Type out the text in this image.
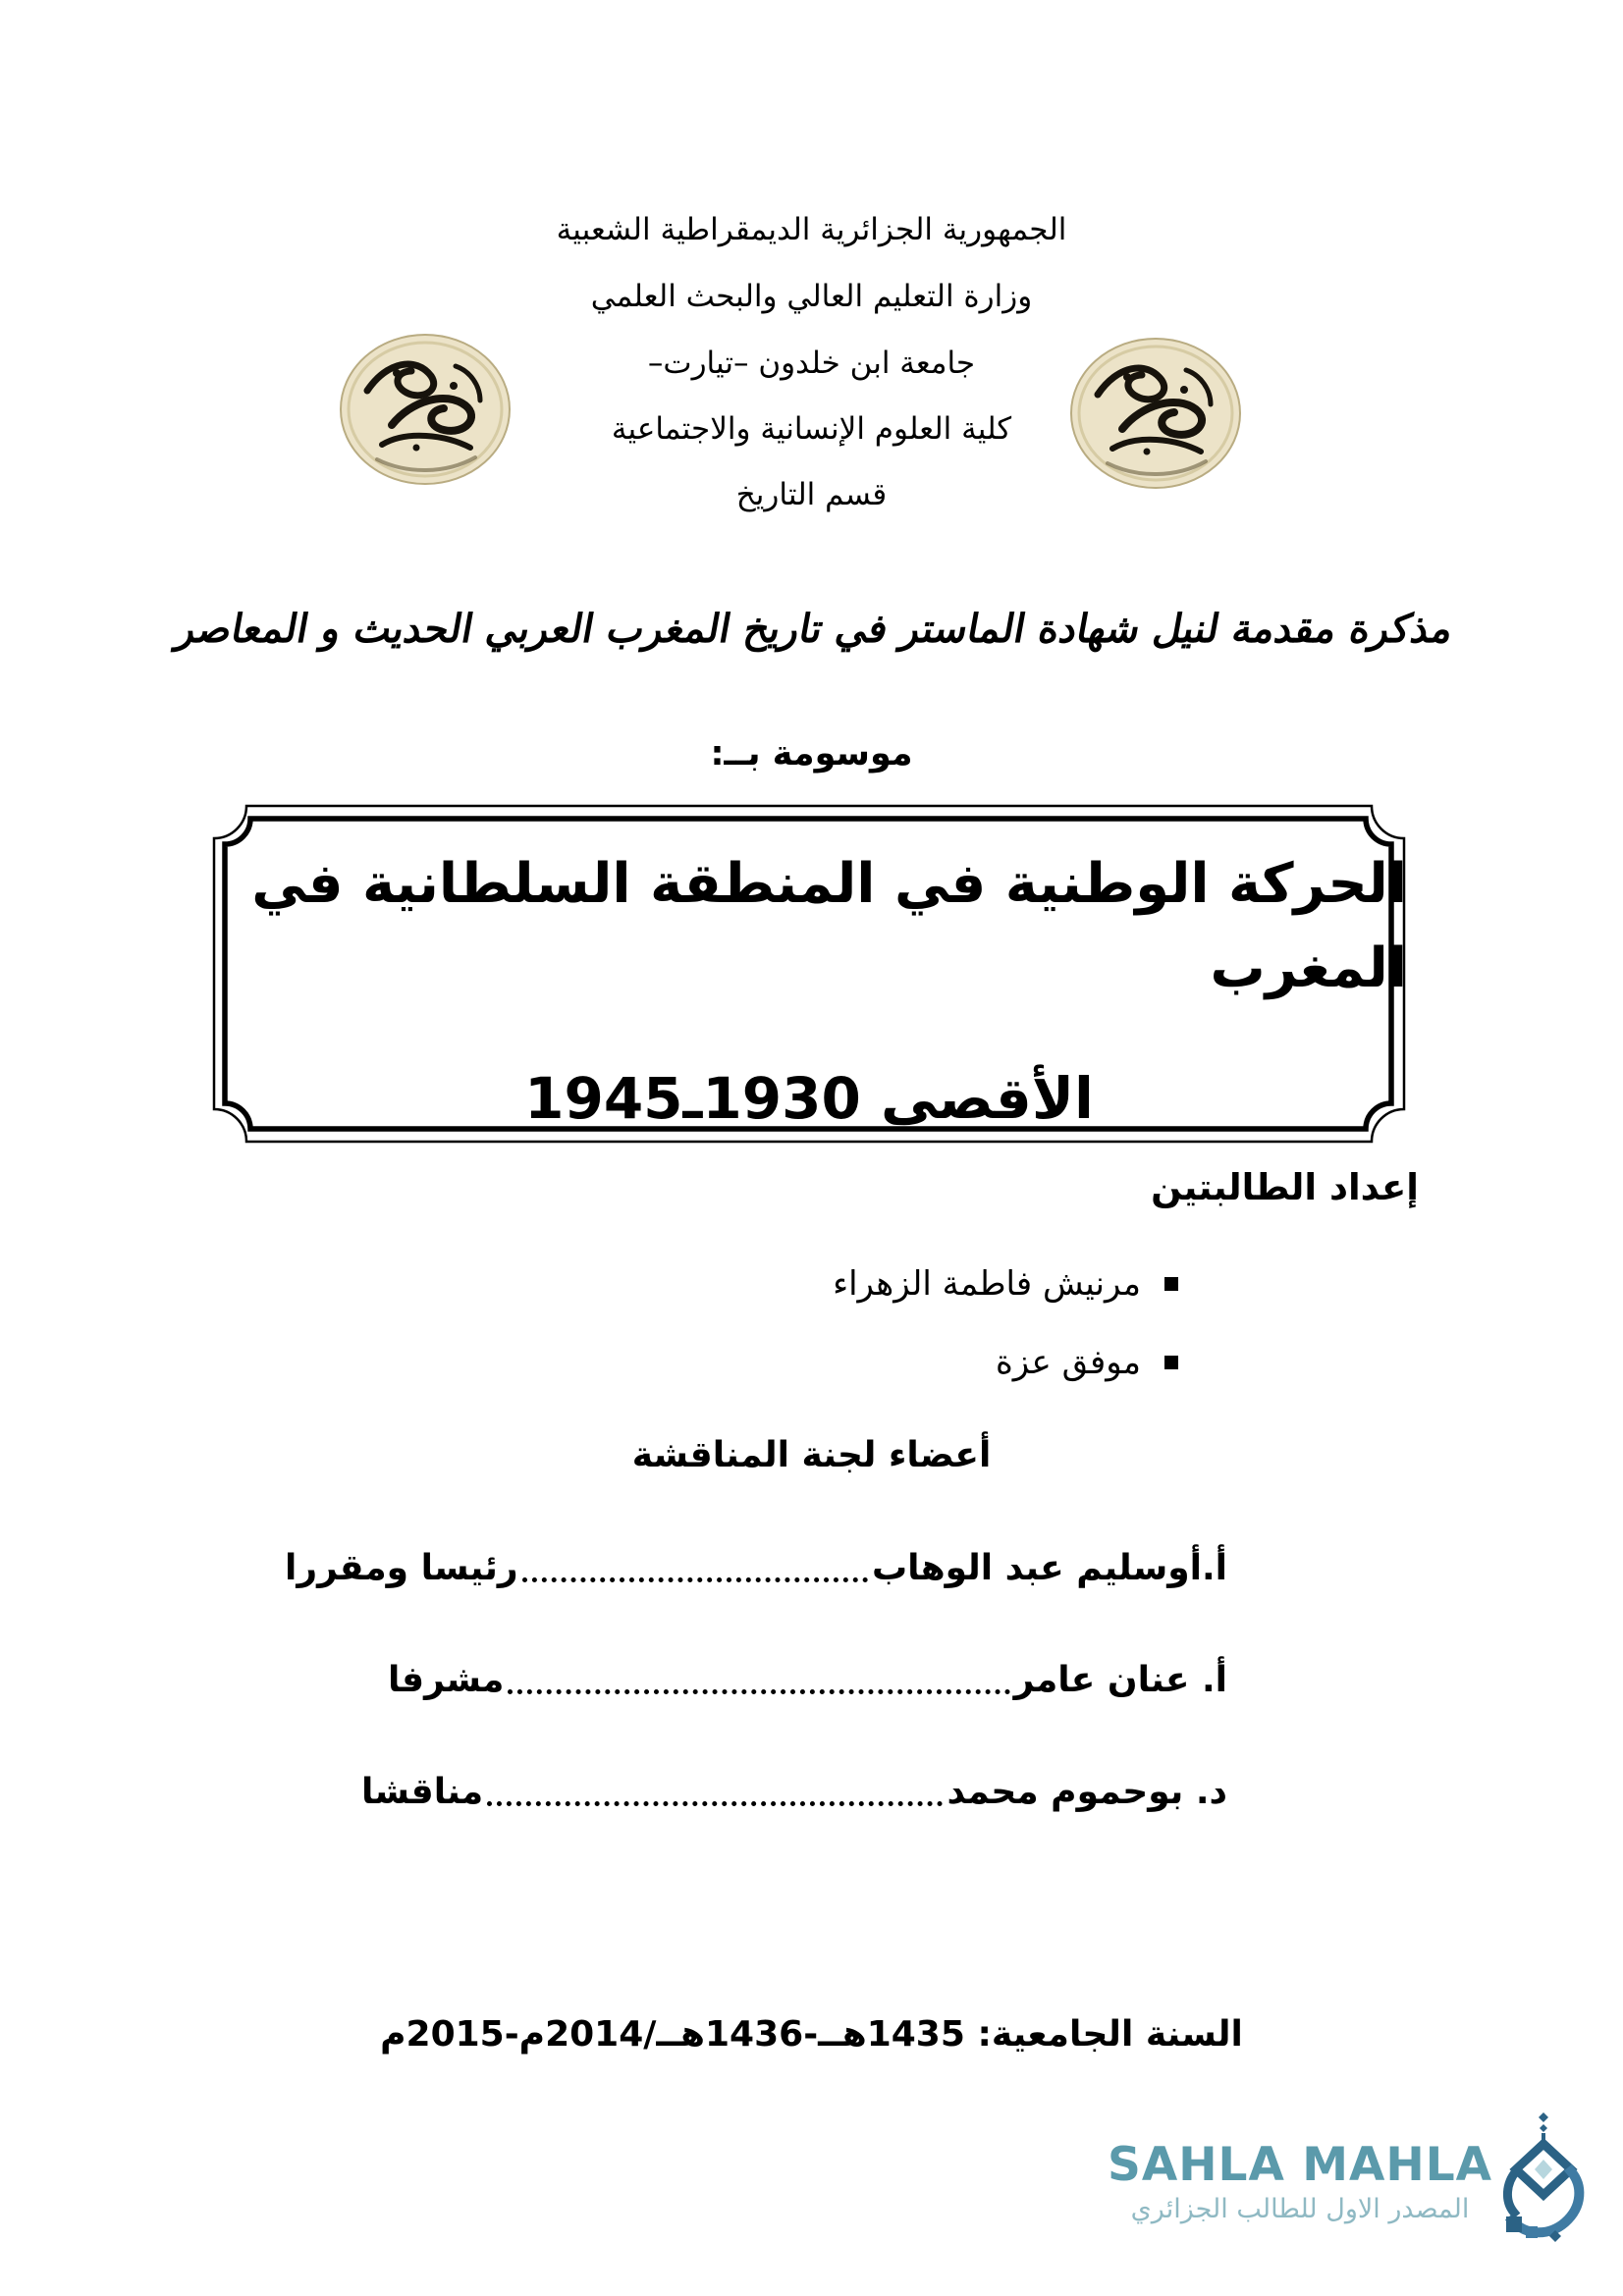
الجمهورية الجزائرية الديمقراطية الشعبية
وزارة التعليم العالي والبحث العلمي
جامعة ابن خلدون –تيارت–
كلية العلوم الإنسانية والاجتماعية
قسم التاريخ
مذكرة مقدمة لنيل شهادة الماستر في تاريخ المغرب العربي الحديث و المعاصر
موسومة بــ:
الحركة الوطنية في المنطقة السلطانية في المغرب
الأقصى 1930ـ1945
إعداد الطالبتين
مرنيش فاطمة الزهراء
موفق عزة
أعضاء لجنة المناقشة
أ.أوسليم عبد الوهاب
رئيسا ومقررا
أ. عنان عامر
مشرفا
د. بوحموم محمد
مناقشا
السنة الجامعية: 1435هــ-1436هــ/2014م-2015م
SAHLA MAHLA
المصدر الاول للطالب الجزائري
